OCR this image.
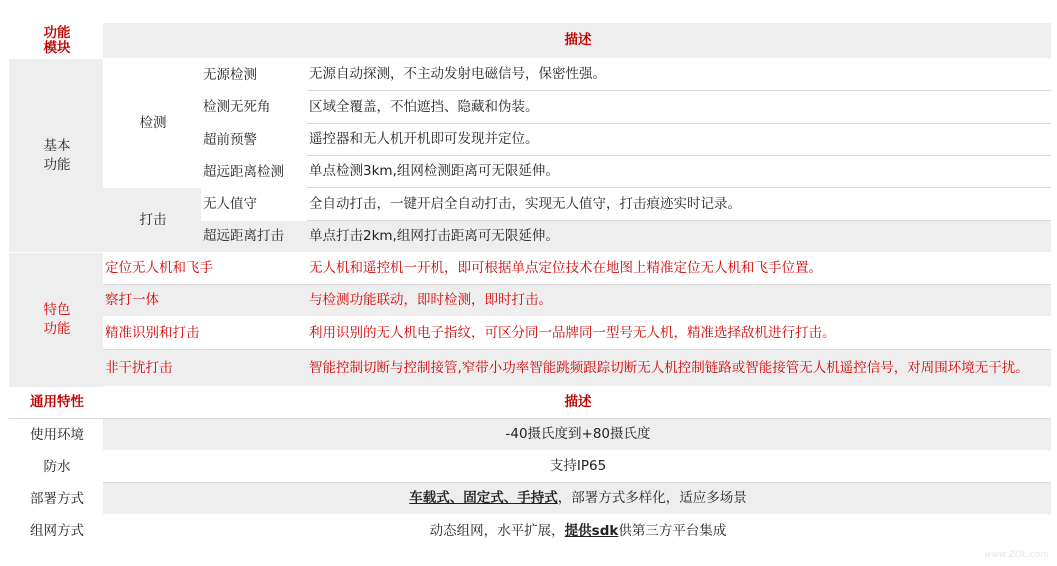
功能
模块	描述		
基本
功能	检测	无源检测	无源自动探测，不主动发射电磁信号，保密性强。
		检测无死角	区域全覆盖，不怕遮挡、隐藏和伪装。
		超前预警	遥控器和无人机开机即可发现并定位。
		超远距离检测	单点检测3km,组网检测距离可无限延伸。
	打击	无人值守	全自动打击，一键开启全自动打击，实现无人值守，打击痕迹实时记录。
		超远距离打击	单点打击2km,组网打击距离可无限延伸。
特色
功能	定位无人机和飞手		无人机和遥控机一开机，即可根据单点定位技术在地图上精准定位无人机和飞手位置。
	察打一体		与检测功能联动，即时检测，即时打击。
	精准识别和打击		利用识别的无人机电子指纹，可区分同一品牌同一型号无人机，精准选择敌机进行打击。
	非干扰打击		智能控制切断与控制接管,窄带小功率智能跳频跟踪切断无人机控制链路或智能接管无人机遥控信号，对周围环境无干扰。
通用特性	描述		
使用环境	-40摄氏度到+80摄氏度		
防水	支持IP65		
部署方式	车载式、固定式、手持式，部署方式多样化，适应多场景		
组网方式	动态组网，水平扩展，提供sdk供第三方平台集成		
www.ZOL.com
